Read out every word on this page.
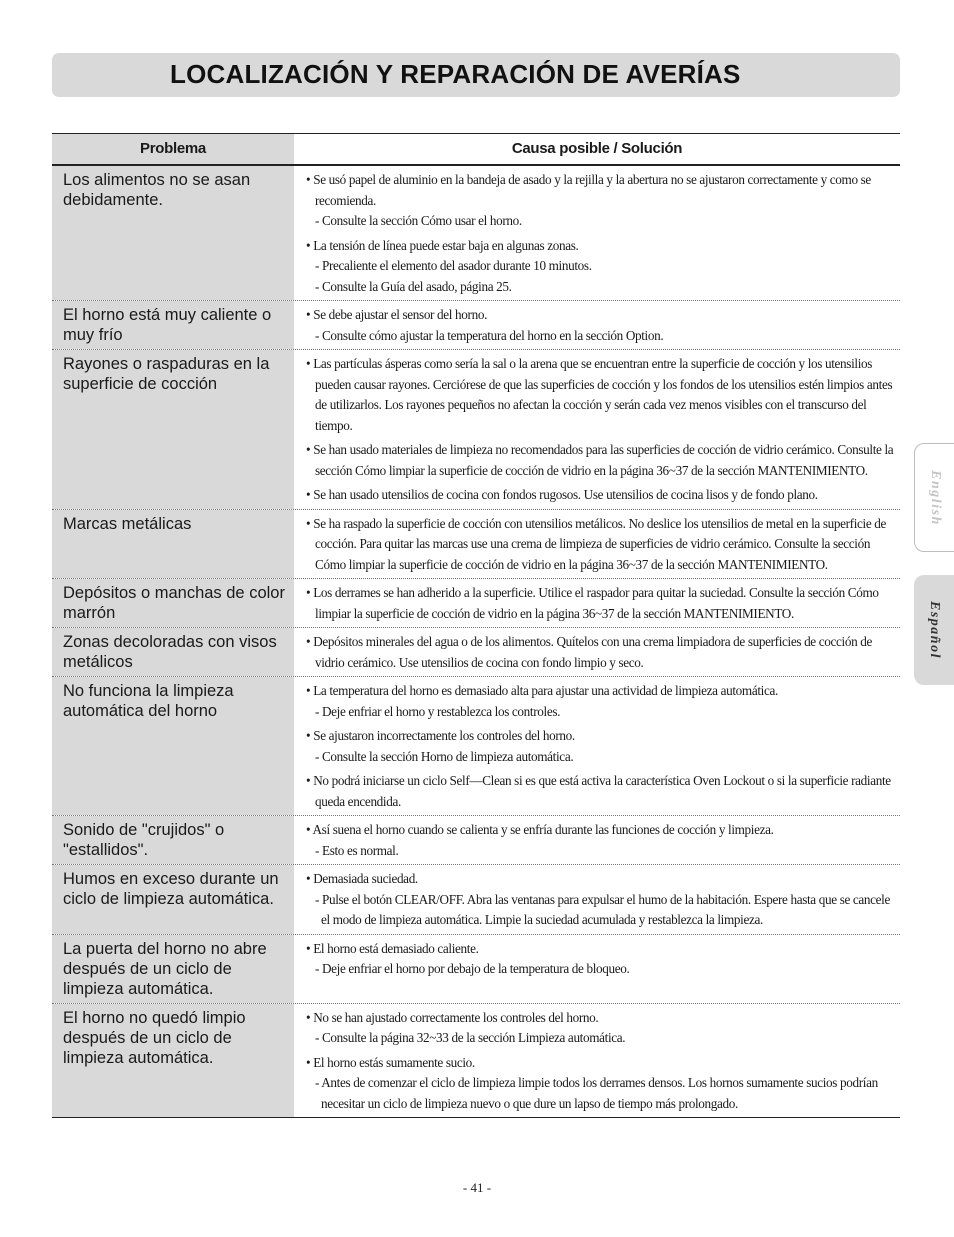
LOCALIZACIÓN Y REPARACIÓN DE AVERÍAS
Problema	Causa posible / Solución
Los alimentos no se asan debidamente.
• Se usó papel de aluminio en la bandeja de asado y la rejilla y la abertura no se ajustaron correctamente y como se recomienda.
- Consulte la sección Cómo usar el horno.
• La tensión de línea puede estar baja en algunas zonas.
- Precaliente el elemento del asador durante 10 minutos.
- Consulte la Guía del asado, página 25.
El horno está muy caliente o muy frío
• Se debe ajustar el sensor del horno.
- Consulte cómo ajustar la temperatura del horno en la sección Option.
Rayones o raspaduras en la superficie de cocción
• Las partículas ásperas como sería la sal o la arena que se encuentran entre la superficie de cocción y los utensilios pueden causar rayones. Cerciórese de que las superficies de cocción y los fondos de los utensilios estén limpios antes de utilizarlos. Los rayones pequeños no afectan la cocción y serán cada vez menos visibles con el transcurso del tiempo.
• Se han usado materiales de limpieza no recomendados para las superficies de cocción de vidrio cerámico. Consulte la sección Cómo limpiar la superficie de cocción de vidrio en la página 36~37 de la sección MANTENIMIENTO.
• Se han usado utensilios de cocina con fondos rugosos. Use utensilios de cocina lisos y de fondo plano.
Marcas metálicas	• Se ha raspado la superficie de cocción con utensilios metálicos. No deslice los utensilios de metal en la superficie de cocción. Para quitar las marcas use una crema de limpieza de superficies de vidrio cerámico. Consulte la sección Cómo limpiar la superficie de cocción de vidrio en la página 36~37 de la sección MANTENIMIENTO.
Depósitos o manchas de color marrón
• Los derrames se han adherido a la superficie. Utilice el raspador para quitar la suciedad. Consulte la sección Cómo limpiar la superficie de cocción de vidrio en la página 36~37 de la sección MANTENIMIENTO.
Zonas decoloradas con visos metálicos
• Depósitos minerales del agua o de los alimentos. Quítelos con una crema limpiadora de superficies de cocción de vidrio cerámico. Use utensilios de cocina con fondo limpio y seco.
No funciona la limpieza automática del horno
• La temperatura del horno es demasiado alta para ajustar una actividad de limpieza automática.
- Deje enfriar el horno y restablezca los controles.
• Se ajustaron incorrectamente los controles del horno.
- Consulte la sección Horno de limpieza automática.
• No podrá iniciarse un ciclo Self—Clean si es que está activa la característica Oven Lockout o si la superficie radiante queda encendida.
Sonido de "crujidos" o "estallidos".
• Así suena el horno cuando se calienta y se enfría durante las funciones de cocción y limpieza.
- Esto es normal.
Humos en exceso durante un ciclo de limpieza automática.
• Demasiada suciedad.
- Pulse el botón CLEAR/OFF. Abra las ventanas para expulsar el humo de la habitación. Espere hasta que se cancele el modo de limpieza automática. Limpie la suciedad acumulada y restablezca la limpieza.
La puerta del horno no abre después de un ciclo de limpieza automática.
• El horno está demasiado caliente.
- Deje enfriar el horno por debajo de la temperatura de bloqueo.
El horno no quedó limpio después de un ciclo de limpieza automática.
• No se han ajustado correctamente los controles del horno.
- Consulte la página 32~33 de la sección Limpieza automática.
• El horno estás sumamente sucio.
- Antes de comenzar el ciclo de limpieza limpie todos los derrames densos. Los hornos sumamente sucios podrían necesitar un ciclo de limpieza nuevo o que dure un lapso de tiempo más prolongado.
English
Español
- 41 -
